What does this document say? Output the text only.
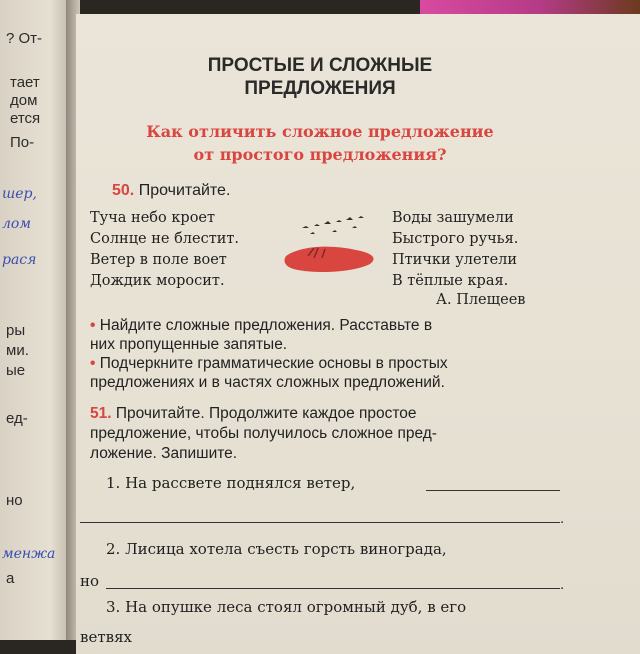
? От-
тает
дом
ется
По-
шер,
лом
рася
ры
ми.
ые
ед-
но
менжа
а
ПРОСТЫЕ И СЛОЖНЫЕ
ПРЕДЛОЖЕНИЯ
Как отличить сложное предложение
от простого предложения?
50. Прочитайте.
Туча небо кроет
Солнце не блестит.
Ветер в поле воет
Дождик моросит.
Воды зашумели
Быстрого ручья.
Птички улетели
В тёплые края.
А. Плещеев
• Найдите сложные предложения. Расставьте в
них пропущенные запятые.
• Подчеркните грамматические основы в простых
предложениях и в частях сложных предложений.
51. Прочитайте. Продолжите каждое простое
предложение, чтобы получилось сложное пред-
ложение. Запишите.
1. На рассвете поднялся ветер,
.
2. Лисица хотела съесть горсть винограда,
но	.
3. На опушке леса стоял огромный дуб, в его
ветвях
